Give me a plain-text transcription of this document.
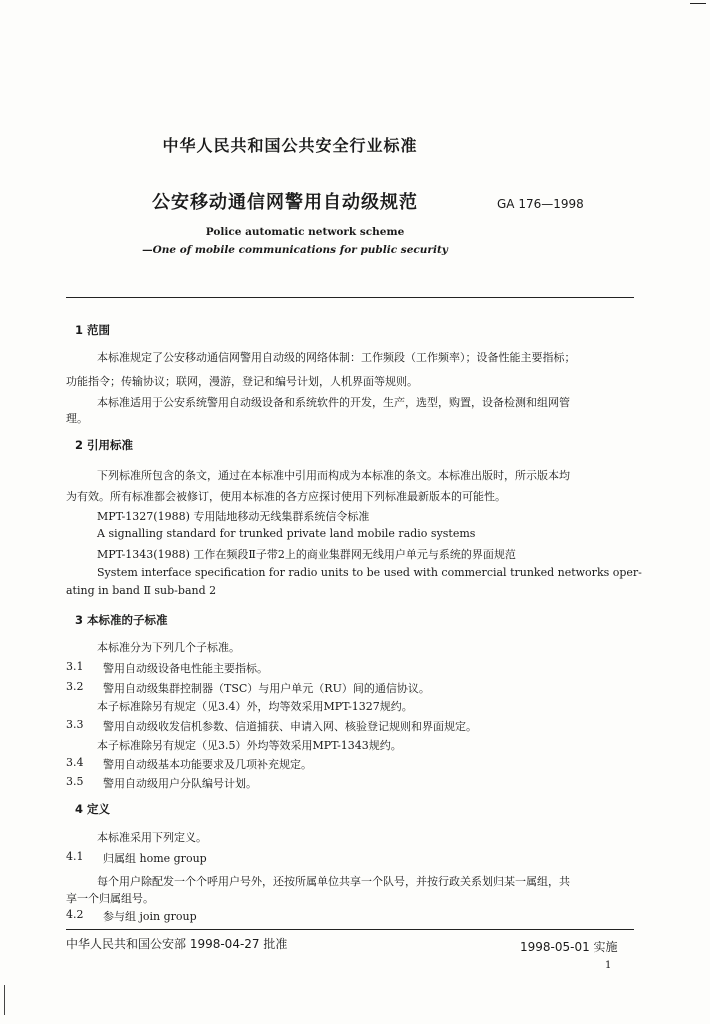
中华人民共和国公共安全行业标准
公安移动通信网警用自动级规范	GA 176—1998
Police automatic network scheme
—One of mobile communications for public security
1 范围
本标准规定了公安移动通信网警用自动级的网络体制：工作频段（工作频率）；设备性能主要指标；
功能指令；传输协议；联网，漫游，登记和编号计划，人机界面等规则。
本标准适用于公安系统警用自动级设备和系统软件的开发，生产，选型，购置，设备检测和组网管
理。
2 引用标准
下列标准所包含的条文，通过在本标准中引用而构成为本标准的条文。本标准出版时，所示版本均
为有效。所有标准都会被修订，使用本标准的各方应探讨使用下列标准最新版本的可能性。
MPT-1327(1988) 专用陆地移动无线集群系统信令标准
A signalling standard for trunked private land mobile radio systems
MPT-1343(1988) 工作在频段Ⅱ子带2上的商业集群网无线用户单元与系统的界面规范
System interface specification for radio units to be used with commercial trunked networks oper-
ating in band Ⅱ sub-band 2
3 本标准的子标准
本标准分为下列几个子标准。
3.1 警用自动级设备电性能主要指标。
3.2 警用自动级集群控制器（TSC）与用户单元（RU）间的通信协议。
本子标准除另有规定（见3.4）外，均等效采用MPT-1327规约。
3.3 警用自动级收发信机参数、信道捕获、申请入网、核验登记规则和界面规定。
本子标准除另有规定（见3.5）外均等效采用MPT-1343规约。
3.4 警用自动级基本功能要求及几项补充规定。
3.5 警用自动级用户分队编号计划。
4 定义
本标准采用下列定义。
4.1 归属组 home group
每个用户除配发一个个呼用户号外，还按所属单位共享一个队号，并按行政关系划归某一属组，共
享一个归属组号。
4.2 参与组 join group
中华人民共和国公安部 1998-04-27 批准	1998-05-01 实施
1
